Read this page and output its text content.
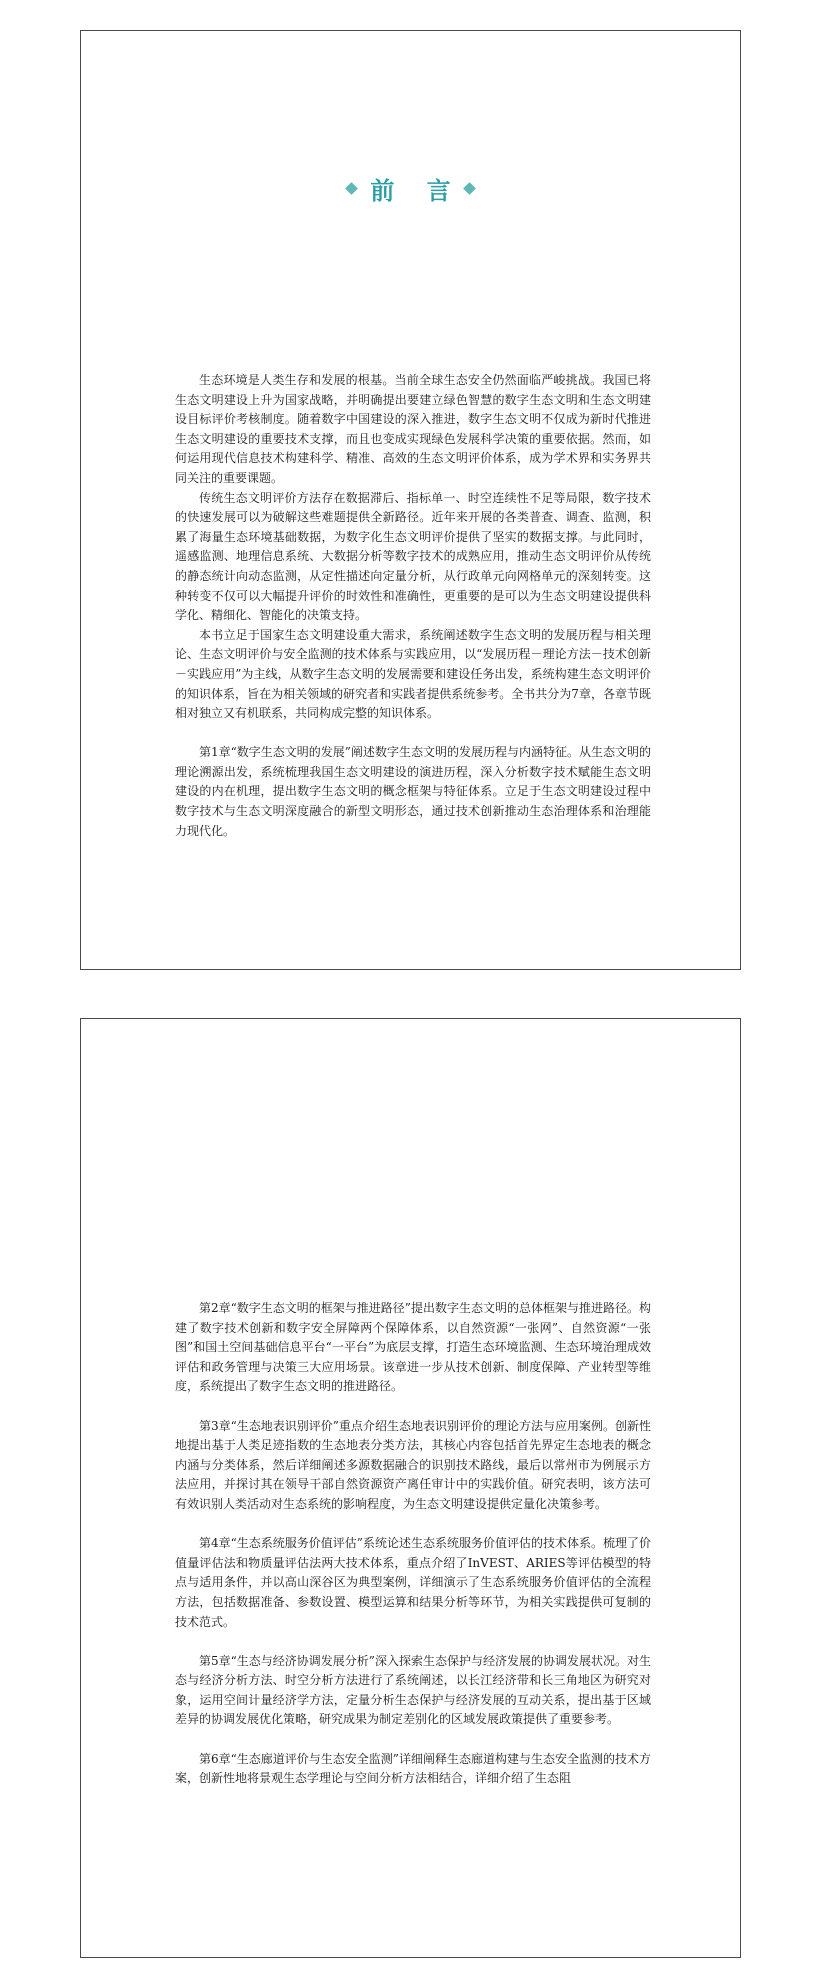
前 言

生态环境是人类生存和发展的根基。当前全球生态安全仍然面临严峻挑战。我国已将生态文明建设上升为国家战略，并明确提出要建立绿色智慧的数字生态文明和生态文明建设目标评价考核制度。随着数字中国建设的深入推进，数字生态文明不仅成为新时代推进生态文明建设的重要技术支撑，而且也变成实现绿色发展科学决策的重要依据。然而，如何运用现代信息技术构建科学、精准、高效的生态文明评价体系，成为学术界和实务界共同关注的重要课题。

传统生态文明评价方法存在数据滞后、指标单一、时空连续性不足等局限，数字技术的快速发展可以为破解这些难题提供全新路径。近年来开展的各类普查、调查、监测，积累了海量生态环境基础数据，为数字化生态文明评价提供了坚实的数据支撑。与此同时，遥感监测、地理信息系统、大数据分析等数字技术的成熟应用，推动生态文明评价从传统的静态统计向动态监测，从定性描述向定量分析，从行政单元向网格单元的深刻转变。这种转变不仅可以大幅提升评价的时效性和准确性，更重要的是可以为生态文明建设提供科学化、精细化、智能化的决策支持。

本书立足于国家生态文明建设重大需求，系统阐述数字生态文明的发展历程与相关理论、生态文明评价与安全监测的技术体系与实践应用，以“发展历程－理论方法－技术创新－实践应用”为主线，从数字生态文明的发展需要和建设任务出发，系统构建生态文明评价的知识体系，旨在为相关领域的研究者和实践者提供系统参考。全书共分为7章，各章节既相对独立又有机联系，共同构成完整的知识体系。

第1章“数字生态文明的发展”阐述数字生态文明的发展历程与内涵特征。从生态文明的理论溯源出发，系统梳理我国生态文明建设的演进历程，深入分析数字技术赋能生态文明建设的内在机理，提出数字生态文明的概念框架与特征体系。立足于生态文明建设过程中数字技术与生态文明深度融合的新型文明形态，通过技术创新推动生态治理体系和治理能力现代化。

第2章“数字生态文明的框架与推进路径”提出数字生态文明的总体框架与推进路径。构建了数字技术创新和数字安全屏障两个保障体系，以自然资源“一张网”、自然资源“一张图”和国土空间基础信息平台“一平台”为底层支撑，打造生态环境监测、生态环境治理成效评估和政务管理与决策三大应用场景。该章进一步从技术创新、制度保障、产业转型等维度，系统提出了数字生态文明的推进路径。

第3章“生态地表识别评价”重点介绍生态地表识别评价的理论方法与应用案例。创新性地提出基于人类足迹指数的生态地表分类方法，其核心内容包括首先界定生态地表的概念内涵与分类体系，然后详细阐述多源数据融合的识别技术路线，最后以常州市为例展示方法应用，并探讨其在领导干部自然资源资产离任审计中的实践价值。研究表明，该方法可有效识别人类活动对生态系统的影响程度，为生态文明建设提供定量化决策参考。

第4章“生态系统服务价值评估”系统论述生态系统服务价值评估的技术体系。梳理了价值量评估法和物质量评估法两大技术体系，重点介绍了InVEST、ARIES等评估模型的特点与适用条件，并以高山深谷区为典型案例，详细演示了生态系统服务价值评估的全流程方法，包括数据准备、参数设置、模型运算和结果分析等环节，为相关实践提供可复制的技术范式。

第5章“生态与经济协调发展分析”深入探索生态保护与经济发展的协调发展状况。对生态与经济分析方法、时空分析方法进行了系统阐述，以长江经济带和长三角地区为研究对象，运用空间计量经济学方法，定量分析生态保护与经济发展的互动关系，提出基于区域差异的协调发展优化策略，研究成果为制定差别化的区域发展政策提供了重要参考。

第6章“生态廊道评价与生态安全监测”详细阐释生态廊道构建与生态安全监测的技术方案，创新性地将景观生态学理论与空间分析方法相结合，详细介绍了生态阻
